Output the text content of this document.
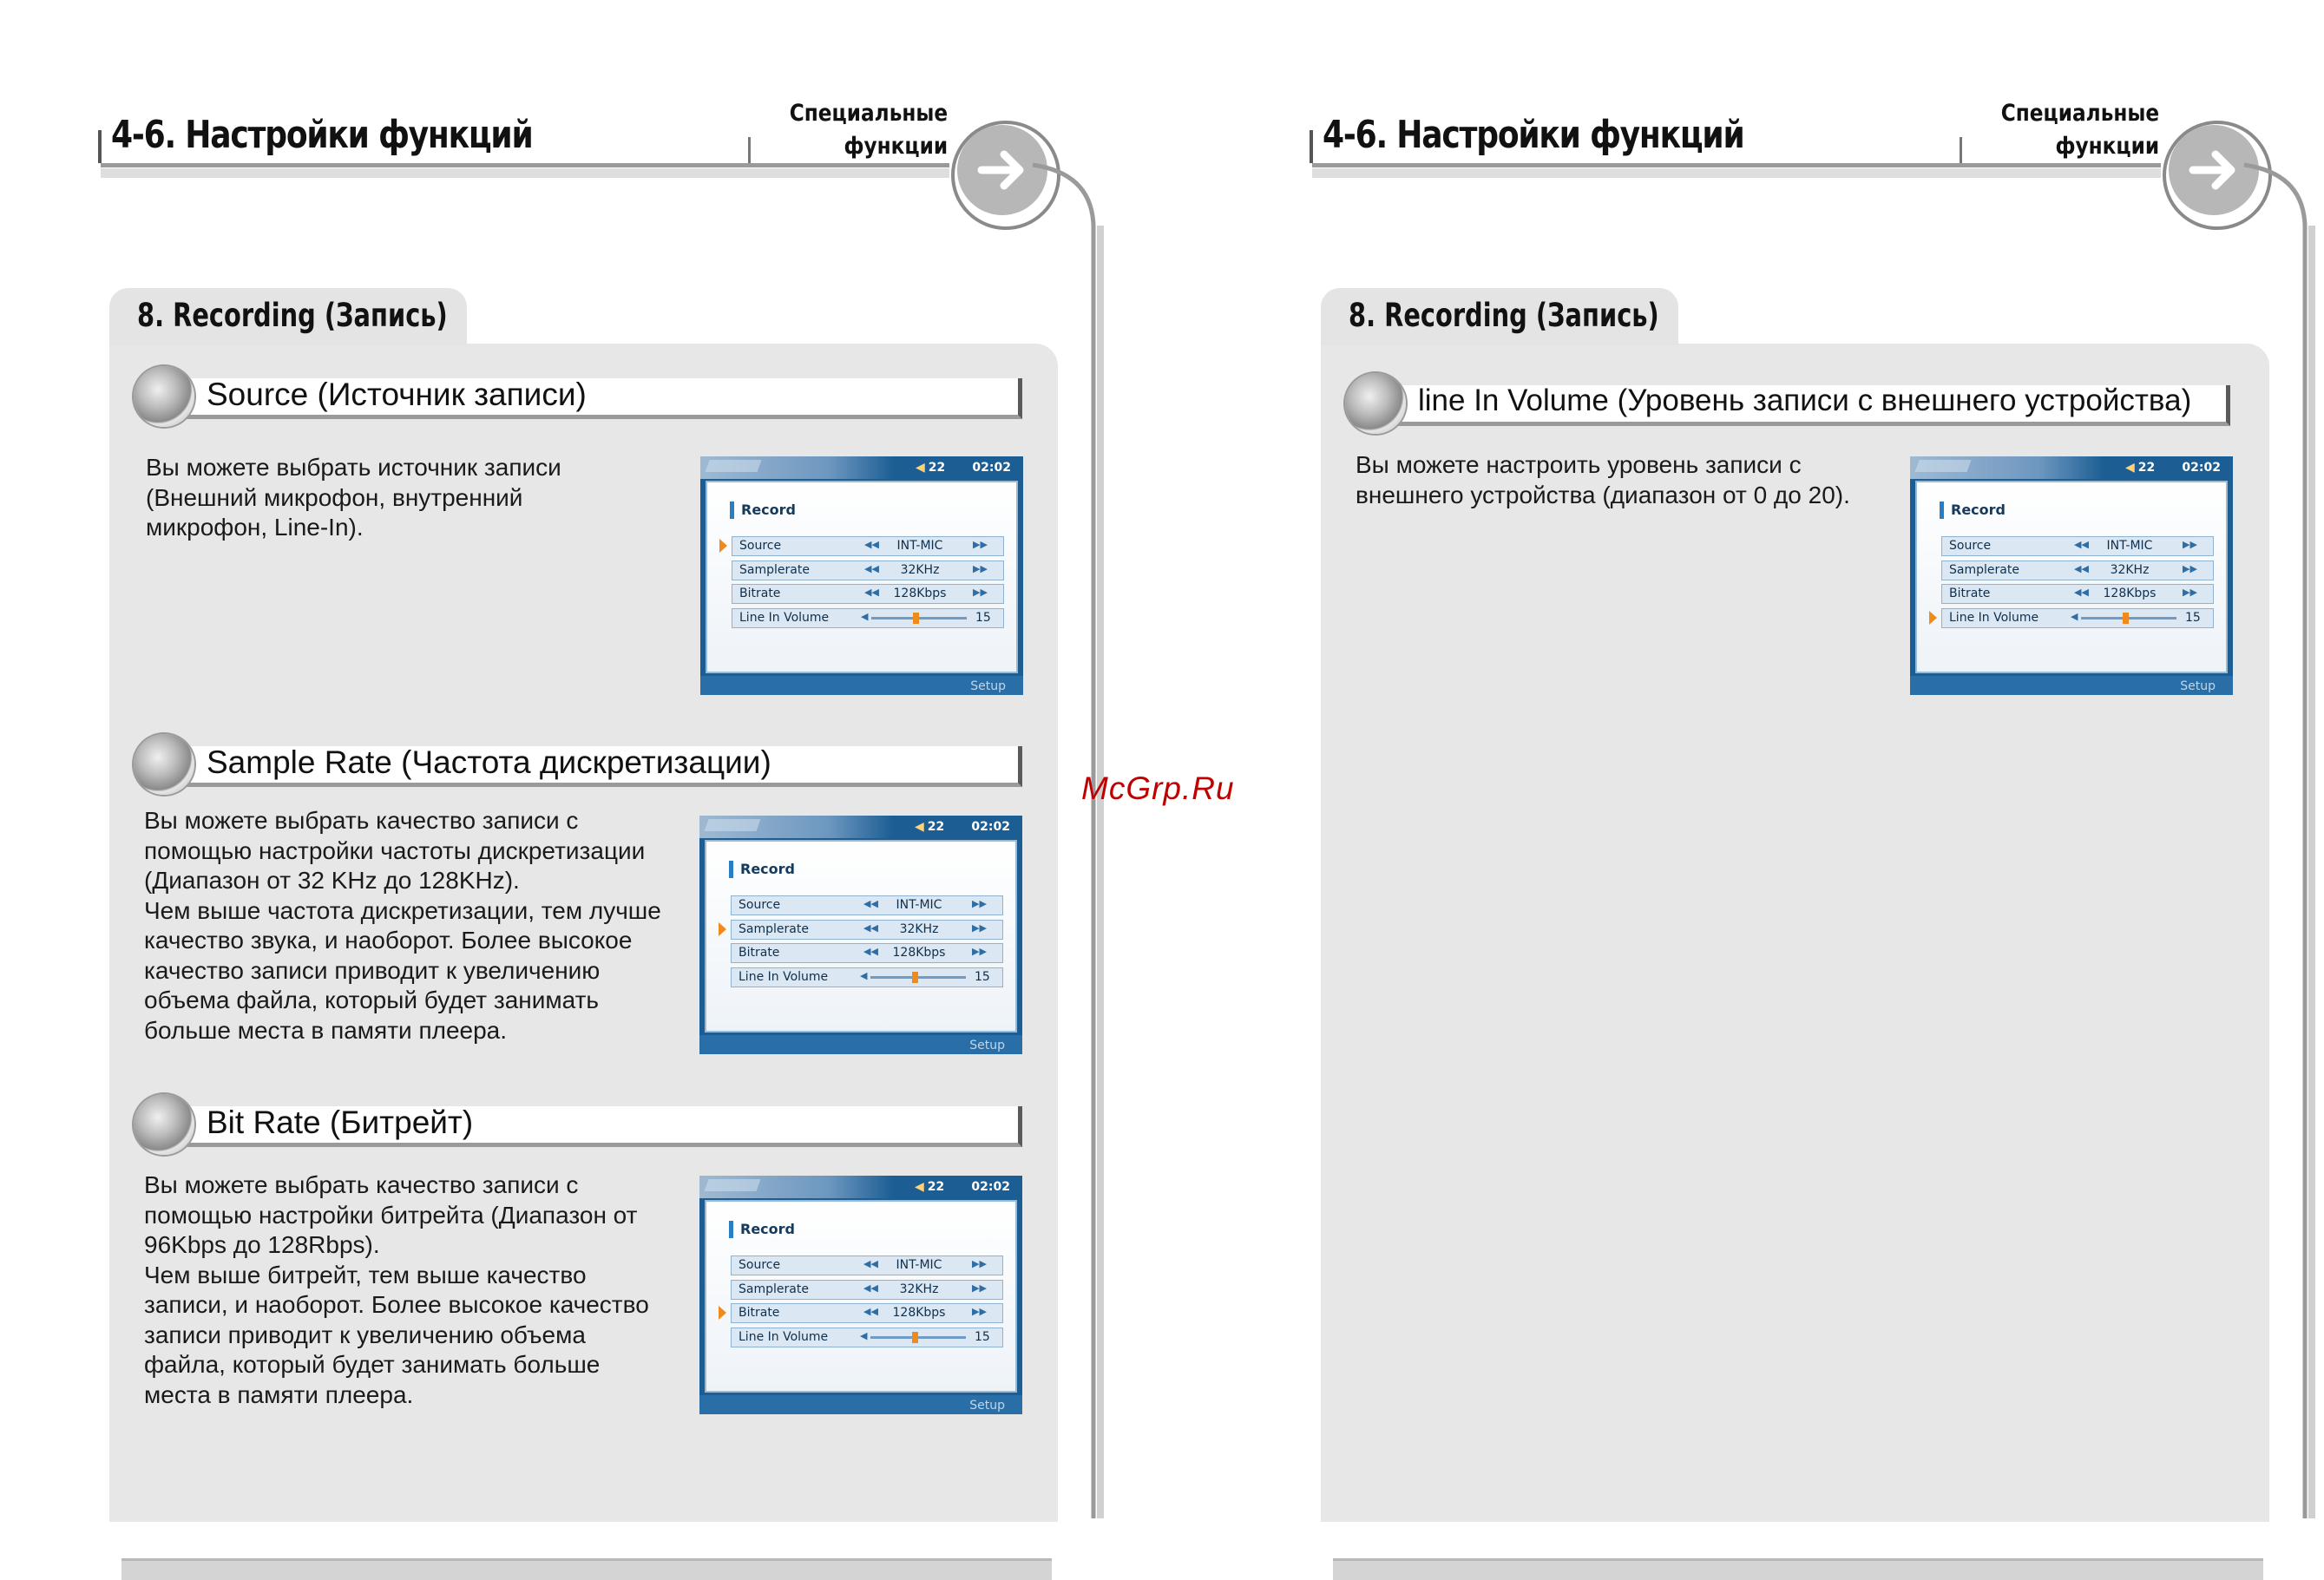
4-6. Настройки функций	Специальные
функции
8. Recording (Запись)
Source (Источник записи)

Вы можете выбрать источник записи
(Внешний микрофон, внутренний
микрофон, Line-In).

Sample Rate (Частота дискретизации)

Вы можете выбрать качество записи с
помощью настройки частоты дискретизации
(Диапазон от 32 KHz до 128KHz).
Чем выше частота дискретизации, тем лучше
качество звука, и наоборот. Более высокое
качество записи приводит к увеличению
объема файла, который будет занимать
больше места в памяти плеера.

Bit Rate (Битрейт)

Вы можете выбрать качество записи с
помощью настройки битрейта (Диапазон от
96Kbps до 128Rbps).
Чем выше битрейт, тем выше качество
записи, и наоборот. Более высокое качество
записи приводит к увеличению объема
файла, который будет занимать больше
места в памяти плеера.

4-6. Настройки функций	Специальные
функции
8. Recording (Запись)
line In Volume (Уровень записи с внешнего устройства)

Вы можете настроить уровень записи с
внешнего устройства (диапазон от 0 до 20).

◀ 22 02:02
Record
Source	◀◀	INT-MIC	▶▶
Samplerate	◀◀	32KHz	▶▶
Bitrate	◀◀	128Kbps	▶▶
Line In Volume	◀	15
Setup
◀ 22 02:02
Record
Source	◀◀	INT-MIC	▶▶
Samplerate	◀◀	32KHz	▶▶
Bitrate	◀◀	128Kbps	▶▶
Line In Volume	◀	15
Setup
◀ 22 02:02
Record
Source	◀◀	INT-MIC	▶▶
Samplerate	◀◀	32KHz	▶▶
Bitrate	◀◀	128Kbps	▶▶
Line In Volume	◀	15
Setup
◀ 22 02:02
Record
Source	◀◀	INT-MIC	▶▶
Samplerate	◀◀	32KHz	▶▶
Bitrate	◀◀	128Kbps	▶▶
Line In Volume	◀	15
Setup
McGrp.Ru
